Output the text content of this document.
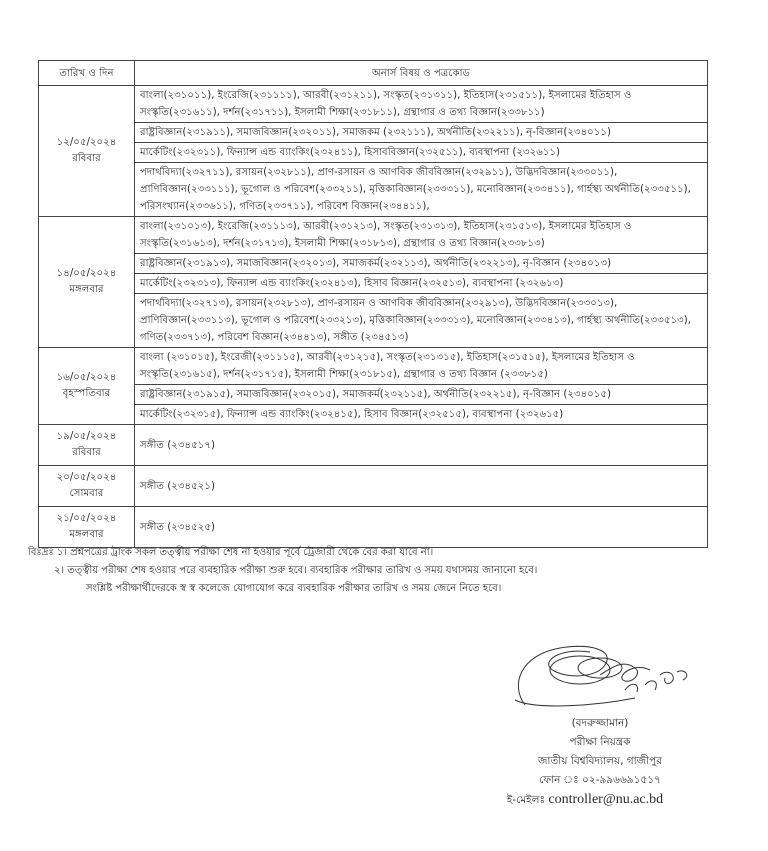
তারিখ ও দিন	অনার্স বিষয় ও পত্রকোড
১২/০৫/২০২৪
রবিবার	বাংলা(২৩১০১১), ইংরেজি(২৩১১১১), আরবী(২৩১২১১), সংস্কৃত(২৩১৩১১), ইতিহাস(২৩১৫১১), ইসলামের ইতিহাস ও সংস্কৃতি(২৩১৬১১), দর্শন(২৩১৭১১), ইসলামী শিক্ষা(২৩১৮১১), গ্রন্থাগার ও তথ্য বিজ্ঞান(২৩৩৮১১)
	রাষ্ট্রবিজ্ঞান(২৩১৯১১), সমাজবিজ্ঞান(২৩২০১১), সমাজকম (২৩২১১১), অর্থনীতি(২৩২২১১), নৃ-বিজ্ঞান(২৩৪০১১)
	মার্কেটিং(২৩২৩১১), ফিন্যান্স এন্ড ব্যাংকিং(২৩২৪১১), হিসাববিজ্ঞান(২৩২৫১১), ব্যবস্থাপনা (২৩২৬১১)
	পদার্থবিদ্যা(২৩২৭১১), রসায়ন(২৩২৮১১), প্রাণ-রসায়ন ও আণবিক জীববিজ্ঞান(২৩২৯১১), উদ্ভিদবিজ্ঞান(২৩৩০১১), প্রাণিবিজ্ঞান(২৩৩১১১), ভূগোল ও পরিবেশ(২৩৩২১১), মৃত্তিকাবিজ্ঞান(২৩৩৩১১), মনোবিজ্ঞান(২৩৩৪১১), গার্হস্থ্য অর্থনীতি(২৩৩৫১১), পরিসংখ্যান(২৩৩৬১১), গণিত(২৩৩৭১১), পরিবেশ বিজ্ঞান(২৩৪৪১১),
১৪/০৫/২০২৪
মঙ্গলবার	বাংলা(২৩১০১৩), ইংরেজি(২৩১১১৩), আরবী(২৩১২১৩), সংস্কৃত(২৩১৩১৩), ইতিহাস(২৩১৫১৩), ইসলামের ইতিহাস ও সংস্কৃতি(২৩১৬১৩), দর্শন(২৩১৭১৩), ইসলামী শিক্ষা(২৩১৮১৩), গ্রন্থাগার ও তথ্য বিজ্ঞান(২৩৩৮১৩)
	রাষ্ট্রবিজ্ঞান(২৩১৯১৩), সমাজবিজ্ঞান(২৩২০১৩), সমাজকর্ম(২৩২১১৩), অর্থনীতি(২৩২২১৩), নৃ-বিজ্ঞান (২৩৪০১৩)
	মার্কেটিং(২৩২৩১৩), ফিন্যান্স এন্ড ব্যাংকিং(২৩২৪১৩), হিসাব বিজ্ঞান(২৩২৫১৩), ব্যবস্থাপনা (২৩২৬১৩)
	পদার্থবিদ্যা(২৩২৭১৩), রসায়ন(২৩২৮১৩), প্রাণ-রসায়ন ও আণবিক জীববিজ্ঞান(২৩২৯১৩), উদ্ভিদবিজ্ঞান(২৩৩০১৩), প্রাণিবিজ্ঞান(২৩৩১১৩), ভূগোল ও পরিবেশ(২৩৩২১৩), মৃত্তিকাবিজ্ঞান(২৩৩৩১৩), মনোবিজ্ঞান(২৩৩৪১৩), গার্হস্থ্য অর্থনীতি(২৩৩৫১৩), গণিত(২৩৩৭১৩), পরিবেশ বিজ্ঞান(২৩৪৪১৩), সঙ্গীত (২৩৪৫১৩)
১৬/০৫/২০২৪
বৃহস্পতিবার	বাংলা (২৩১০১৫), ইংরেজী(২৩১১১৫), আরবী(২৩১২১৫), সংস্কৃত(২৩১৩১৫), ইতিহাস(২৩১৫১৫), ইসলামের ইতিহাস ও সংস্কৃতি(২৩১৬১৫), দর্শন(২৩১৭১৫), ইসলামী শিক্ষা(২৩১৮১৫), গ্রন্থাগার ও তথ্য বিজ্ঞান (২৩৩৮১৫)
	রাষ্ট্রবিজ্ঞান(২৩১৯১৫), সমাজবিজ্ঞান(২৩২০১৫), সমাজকর্ম(২৩২১১৫), অর্থনীতি(২৩২২১৫), নৃ-বিজ্ঞান (২৩৪০১৫)
	মার্কেটিং(২৩২৩১৫), ফিন্যান্স এন্ড ব্যাংকিং(২৩২৪১৫), হিসাব বিজ্ঞান(২৩২৫১৫), ব্যবস্থাপনা (২৩২৬১৫)
১৯/০৫/২০২৪
রবিবার	সঙ্গীত (২৩৪৫১৭)
২০/০৫/২০২৪
সোমবার	সঙ্গীত (২৩৪৫২১)
২১/০৫/২০২৪
মঙ্গলবার	সঙ্গীত (২৩৪৫২৫)
বিঃদ্রঃ ১। প্রশ্নপত্রের ট্রাংক সকল তত্ত্বীয় পরীক্ষা শেষ না হওয়ার পূর্বে ট্রেজারী থেকে বের করা যাবে না।
২। তত্ত্বীয় পরীক্ষা শেষ হওয়ার পরে ব্যবহারিক পরীক্ষা শুরু হবে। ব্যবহারিক পরীক্ষার তারিখ ও সময় যথাসময় জানানো হবে।
সংশ্লিষ্ট পরীক্ষার্থীদেরকে স্ব স্ব কলেজে যোগাযোগ করে ব্যবহারিক পরীক্ষার তারিখ ও সময় জেনে নিতে হবে।
(বদরুজ্জামান)
পরীক্ষা নিয়ন্ত্রক
জাতীয় বিশ্ববিদ্যালয়, গাজীপুর
ফোন ঃ ০২-৯৯৬৬৯১৫১৭
ই-মেইলঃ controller@nu.ac.bd
